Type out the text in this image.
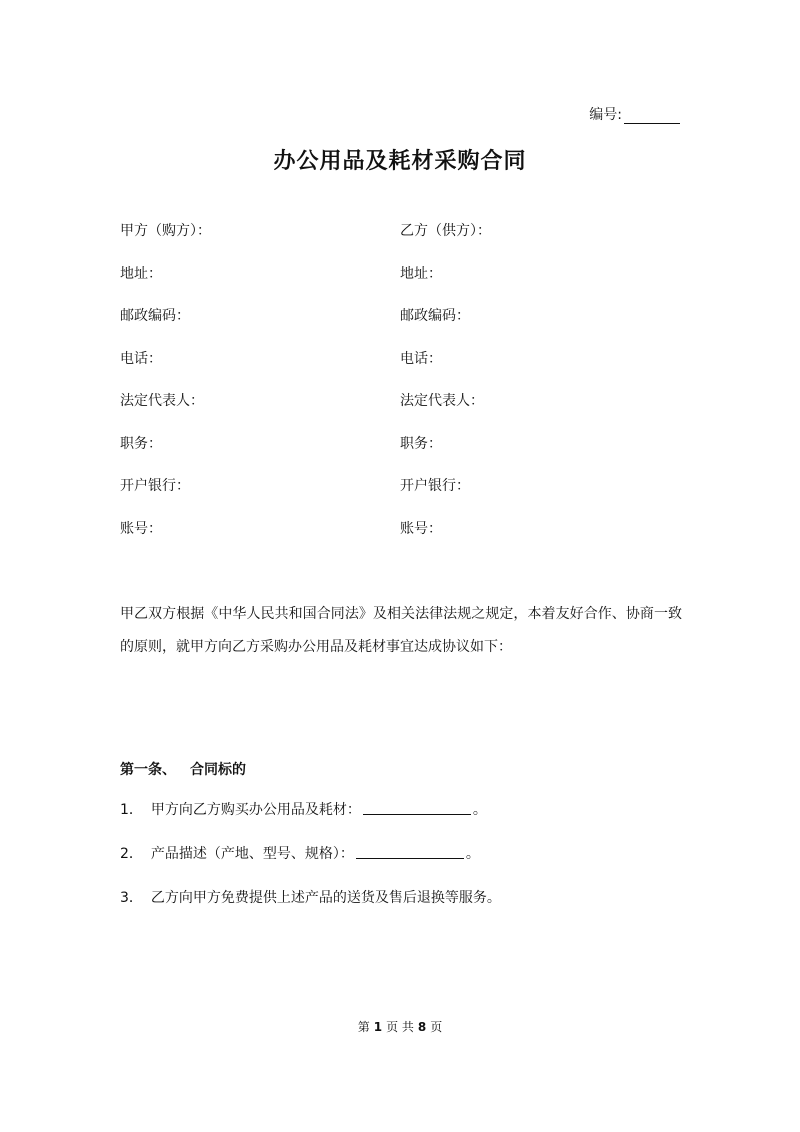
编号:
办公用品及耗材采购合同
甲方（购方）：	乙方（供方）：
地址：	地址：
邮政编码：	邮政编码：
电话：	电话：
法定代表人：	法定代表人：
职务：	职务：
开户银行：	开户银行：
账号：	账号：
甲乙双方根据《中华人民共和国合同法》及相关法律法规之规定，本着友好合作、协商一致的原则，就甲方向乙方采购办公用品及耗材事宜达成协议如下：
第一条、 合同标的
1． 甲方向乙方购买办公用品及耗材：	。
2． 产品描述（产地、型号、规格）：	。
3． 乙方向甲方免费提供上述产品的送货及售后退换等服务。
第 1 页 共 8 页
